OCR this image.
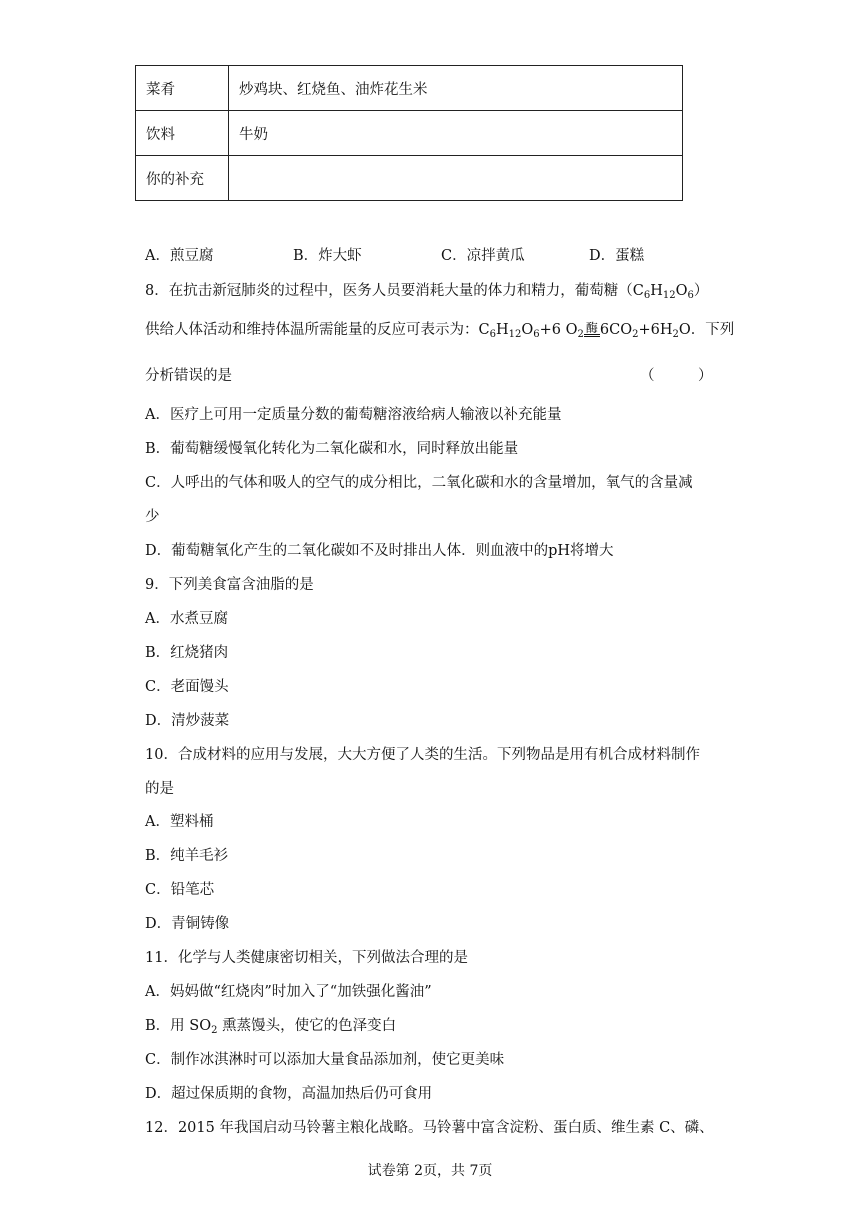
菜肴	炒鸡块、红烧鱼、油炸花生米
饮料	牛奶
你的补充	
A．煎豆腐	B．炸大虾	C．凉拌黄瓜	D．蛋糕
8．在抗击新冠肺炎的过程中，医务人员要消耗大量的体力和精力，葡萄糖$(C_6H_{12}O_6)$
供给人体活动和维持体温所需能量的反应可表示为：$C_6H_{12}O_6+6$ $O_2$ 酶 $6CO_2+6H_2O$．下列
分析错误的是	（　　　）
A．医疗上可用一定质量分数的葡萄糖溶液给病人输液以补充能量
B．葡萄糖缓慢氧化转化为二氧化碳和水，同时释放出能量
C．人呼出的气体和吸人的空气的成分相比，二氧化碳和水的含量增加，氧气的含量减
少
D．葡萄糖氧化产生的二氧化碳如不及时排出人体．则血液中的pH将增大
9．下列美食富含油脂的是
A．水煮豆腐
B．红烧猪肉
C．老面馒头
D．清炒菠菜
10．合成材料的应用与发展，大大方便了人类的生活。下列物品是用有机合成材料制作
的是
A．塑料桶
B．纯羊毛衫
C．铅笔芯
D．青铜铸像
11．化学与人类健康密切相关，下列做法合理的是
A．妈妈做“红烧肉”时加入了“加铁强化酱油”
B．用 $SO_2$ 熏蒸馒头，使它的色泽变白
C．制作冰淇淋时可以添加大量食品添加剂，使它更美味
D．超过保质期的食物，高温加热后仍可食用
12．2015 年我国启动马铃薯主粮化战略。马铃薯中富含淀粉、蛋白质、维生素 C、磷、
试卷第 2页，共 7页
